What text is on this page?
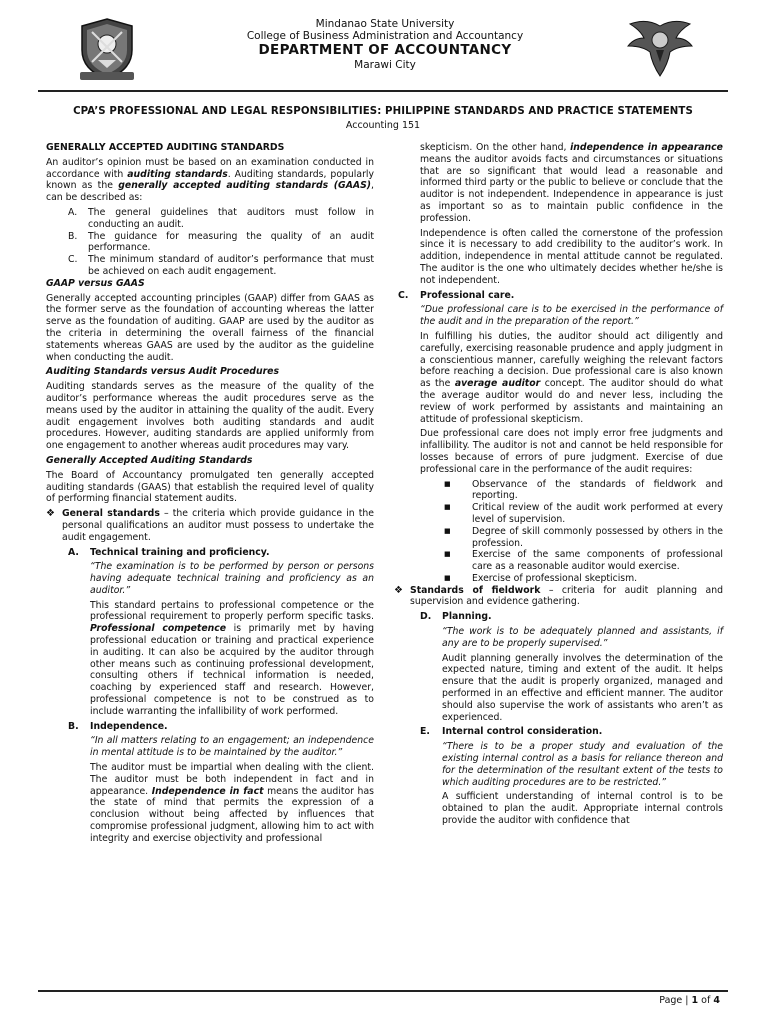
Mindanao State University
College of Business Administration and Accountancy
DEPARTMENT OF ACCOUNTANCY
Marawi City
CPA’S PROFESSIONAL AND LEGAL RESPONSIBILITIES: PHILIPPINE STANDARDS AND PRACTICE STATEMENTS
Accounting 151

GENERALLY ACCEPTED AUDITING STANDARDS

An auditor’s opinion must be based on an examination conducted in accordance with auditing standards. Auditing standards, popularly known as the generally accepted auditing standards (GAAS), can be described as:

A. The general guidelines that auditors must follow in conducting an audit.
B. The guidance for measuring the quality of an audit performance.
C. The minimum standard of auditor’s performance that must be achieved on each audit engagement.

GAAP versus GAAS

Generally accepted accounting principles (GAAP) differ from GAAS as the former serve as the foundation of accounting whereas the latter serve as the foundation of auditing. GAAP are used by the auditor as the criteria in determining the overall fairness of the financial statements whereas GAAS are used by the auditor as the guideline when conducting the audit.

Auditing Standards versus Audit Procedures

Auditing standards serves as the measure of the quality of the auditor’s performance whereas the audit procedures serve as the means used by the auditor in attaining the quality of the audit. Every audit engagement involves both auditing standards and audit procedures. However, auditing standards are applied uniformly from one engagement to another whereas audit procedures may vary.

Generally Accepted Auditing Standards

The Board of Accountancy promulgated ten generally accepted auditing standards (GAAS) that establish the required level of quality of performing financial statement audits.

❖ General standards – the criteria which provide guidance in the personal qualifications an auditor must possess to undertake the audit engagement.

A. Technical training and proficiency.

“The examination is to be performed by person or persons having adequate technical training and proficiency as an auditor.”

This standard pertains to professional competence or the professional requirement to properly perform specific tasks. Professional competence is primarily met by having professional education or training and practical experience in auditing. It can also be acquired by the auditor through other means such as continuing professional development, consulting others if technical information is needed, coaching by experienced staff and research. However, professional competence is not to be construed as to include warranting the infallibility of work performed.

B. Independence.

“In all matters relating to an engagement; an independence in mental attitude is to be maintained by the auditor.”

The auditor must be impartial when dealing with the client. The auditor must be both independent in fact and in appearance. Independence in fact means the auditor has the state of mind that permits the expression of a conclusion without being affected by influences that compromise professional judgment, allowing him to act with integrity and exercise objectivity and professional

skepticism. On the other hand, independence in appearance means the auditor avoids facts and circumstances or situations that are so significant that would lead a reasonable and informed third party or the public to believe or conclude that the auditor is not independent. Independence in appearance is just as important so as to maintain public confidence in the profession.

Independence is often called the cornerstone of the profession since it is necessary to add credibility to the auditor’s work. In addition, independence in mental attitude cannot be regulated. The auditor is the one who ultimately decides whether he/she is not independent.

C. Professional care.

“Due professional care is to be exercised in the performance of the audit and in the preparation of the report.”

In fulfilling his duties, the auditor should act diligently and carefully, exercising reasonable prudence and apply judgment in a conscientious manner, carefully weighing the relevant factors before reaching a decision. Due professional care is also known as the average auditor concept. The auditor should do what the average auditor would do and never less, including the review of work performed by assistants and maintaining an attitude of professional skepticism.

Due professional care does not imply error free judgments and infallibility. The auditor is not and cannot be held responsible for losses because of errors of pure judgment. Exercise of due professional care in the performance of the audit requires:

■ Observance of the standards of fieldwork and reporting.
■ Critical review of the audit work performed at every level of supervision.
■ Degree of skill commonly possessed by others in the profession.
■ Exercise of the same components of professional care as a reasonable auditor would exercise.
■ Exercise of professional skepticism.

❖ Standards of fieldwork – criteria for audit planning and supervision and evidence gathering.

D. Planning.

“The work is to be adequately planned and assistants, if any are to be properly supervised.”

Audit planning generally involves the determination of the expected nature, timing and extent of the audit. It helps ensure that the audit is properly organized, managed and performed in an effective and efficient manner. The auditor should also supervise the work of assistants who aren’t as experienced.

E. Internal control consideration.

“There is to be a proper study and evaluation of the existing internal control as a basis for reliance thereon and for the determination of the resultant extent of the tests to which auditing procedures are to be restricted.”

A sufficient understanding of internal control is to be obtained to plan the audit. Appropriate internal controls provide the auditor with confidence that

Page | 1 of 4
